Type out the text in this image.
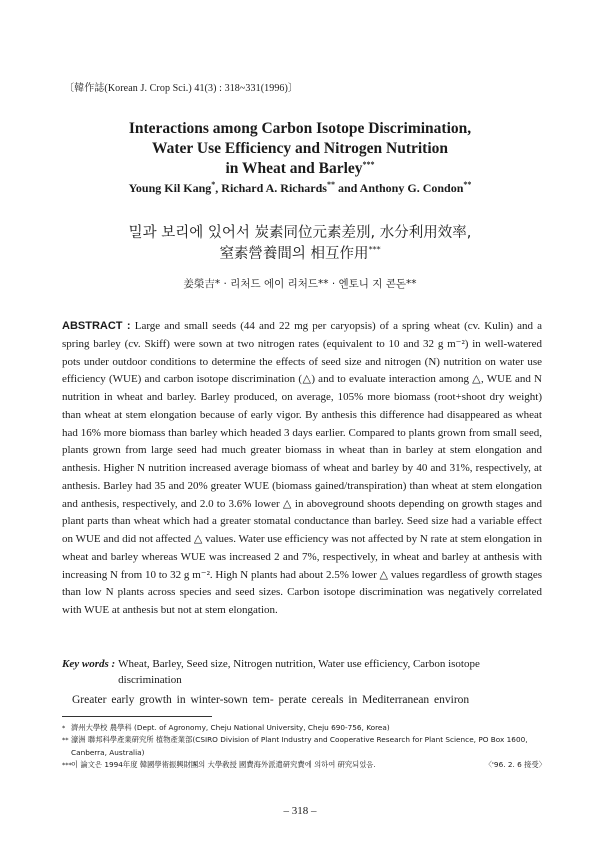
〔韓作誌(Korean J. Crop Sci.) 41(3) : 318~331(1996)〕

Interactions among Carbon Isotope Discrimination,

Water Use Efficiency and Nitrogen Nutrition

in Wheat and Barley***

Young Kil Kang*, Richard A. Richards** and Anthony G. Condon**
밀과 보리에 있어서 炭素同位元素差別, 水分利用效率,
窒素營養間의 相互作用***
姜榮吉* · 리처드 에이 리처드** · 엔토니 지 콘돈**

ABSTRACT : Large and small seeds (44 and 22 mg per caryopsis) of a spring wheat (cv. Kulin) and a spring barley (cv. Skiff) were sown at two nitrogen rates (equivalent to 10 and 32 g m⁻²) in well-watered pots under outdoor conditions to determine the effects of seed size and nitrogen (N) nutrition on water use efficiency (WUE) and carbon isotope discrimination (△) and to evaluate interaction among △, WUE and N nutrition in wheat and barley. Barley produced, on average, 105% more biomass (root+shoot dry weight) than wheat at stem elongation because of early vigor. By anthesis this difference had disappeared as wheat had 16% more biomass than barley which headed 3 days earlier. Compared to plants grown from small seed, plants grown from large seed had much greater biomass in wheat than in barley at stem elongation and anthesis. Higher N nutrition increased average biomass of wheat and barley by 40 and 31%, respectively, at anthesis. Barley had 35 and 20% greater WUE (biomass gained/transpiration) than wheat at stem elongation and anthesis, respectively, and 2.0 to 3.6% lower △ in aboveground shoots depending on growth stages and plant parts than wheat which had a greater stomatal conductance than barley. Seed size had a variable effect on WUE and did not affected △ values. Water use efficiency was not affected by N rate at stem elongation in wheat and barley whereas WUE was increased 2 and 7%, respectively, in wheat and barley at anthesis with increasing N from 10 to 32 g m⁻². High N plants had about 2.5% lower △ values regardless of growth stages than low N plants across species and seed sizes. Carbon isotope discrimination was negatively correlated with WUE at anthesis but not at stem elongation.

Key words : Wheat, Barley, Seed size, Nitrogen nutrition, Water use efficiency, Carbon isotope discrimination
Greater early growth in winter-sown tem- perate cereals in Mediterranean environ
* 濟州大學校 農學科 (Dept. of Agronomy, Cheju National University, Cheju 690-756, Korea)
** 濠洲 聯邦科學產業硏究所 植物產業部(CSIRO Division of Plant Industry and Cooperative Research for Plant Science, PO Box 1600, Canberra, Australia)
*** 이 論文은 1994年度 韓國學術振興財團의 大學敎授 國費海外派遣硏究費에 의하여 硏究되었음.	〈'96. 2. 6 接受〉
– 318 –
